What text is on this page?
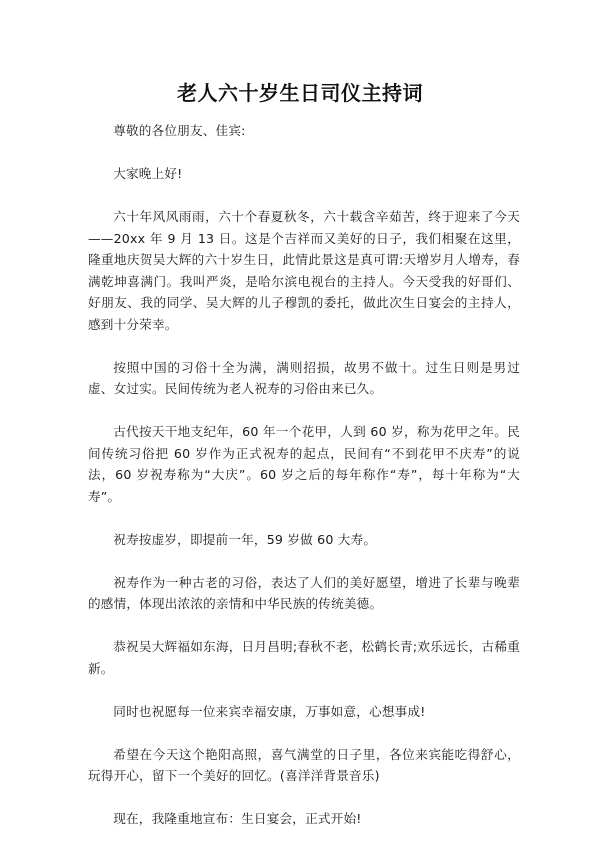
老人六十岁生日司仪主持词

尊敬的各位朋友、佳宾:

大家晚上好!

六十年风风雨雨，六十个春夏秋冬，六十载含辛茹苦，终于迎来了今天——20xx 年 9 月 13 日。这是个吉祥而又美好的日子，我们相聚在这里，隆重地庆贺吴大辉的六十岁生日，此情此景这是真可谓:天增岁月人增寿，春满乾坤喜满门。我叫严炎，是哈尔滨电视台的主持人。今天受我的好哥们、好朋友、我的同学、吴大辉的儿子穆凯的委托，做此次生日宴会的主持人，感到十分荣幸。

按照中国的习俗十全为满，满则招损，故男不做十。过生日则是男过虚、女过实。民间传统为老人祝寿的习俗由来已久。

古代按天干地支纪年，60 年一个花甲，人到 60 岁，称为花甲之年。民间传统习俗把 60 岁作为正式祝寿的起点，民间有“不到花甲不庆寿”的说法，60 岁祝寿称为“大庆”。60 岁之后的每年称作“寿”，每十年称为“大寿”。

祝寿按虚岁，即提前一年，59 岁做 60 大寿。

祝寿作为一种古老的习俗，表达了人们的美好愿望，增进了长辈与晚辈的感情，体现出浓浓的亲情和中华民族的传统美德。

恭祝吴大辉福如东海，日月昌明;春秋不老，松鹤长青;欢乐远长，古稀重新。

同时也祝愿每一位来宾幸福安康，万事如意，心想事成!

希望在今天这个艳阳高照，喜气满堂的日子里，各位来宾能吃得舒心，玩得开心，留下一个美好的回忆。(喜洋洋背景音乐)

现在，我隆重地宣布：生日宴会，正式开始!
